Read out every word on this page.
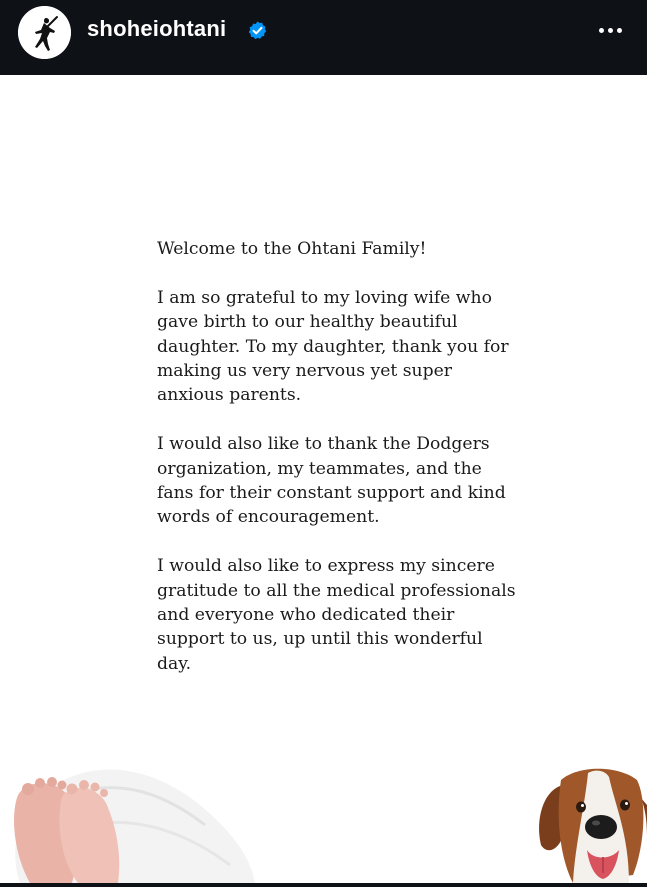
shoheiohtani

Welcome to the Ohtani Family!

I am so grateful to my loving wife who gave birth to our healthy beautiful daughter. To my daughter, thank you for making us very nervous yet super anxious parents.

I would also like to thank the Dodgers organization, my teammates, and the fans for their constant support and kind words of encouragement.

I would also like to express my sincere gratitude to all the medical professionals and everyone who dedicated their support to us, up until this wonderful day.
